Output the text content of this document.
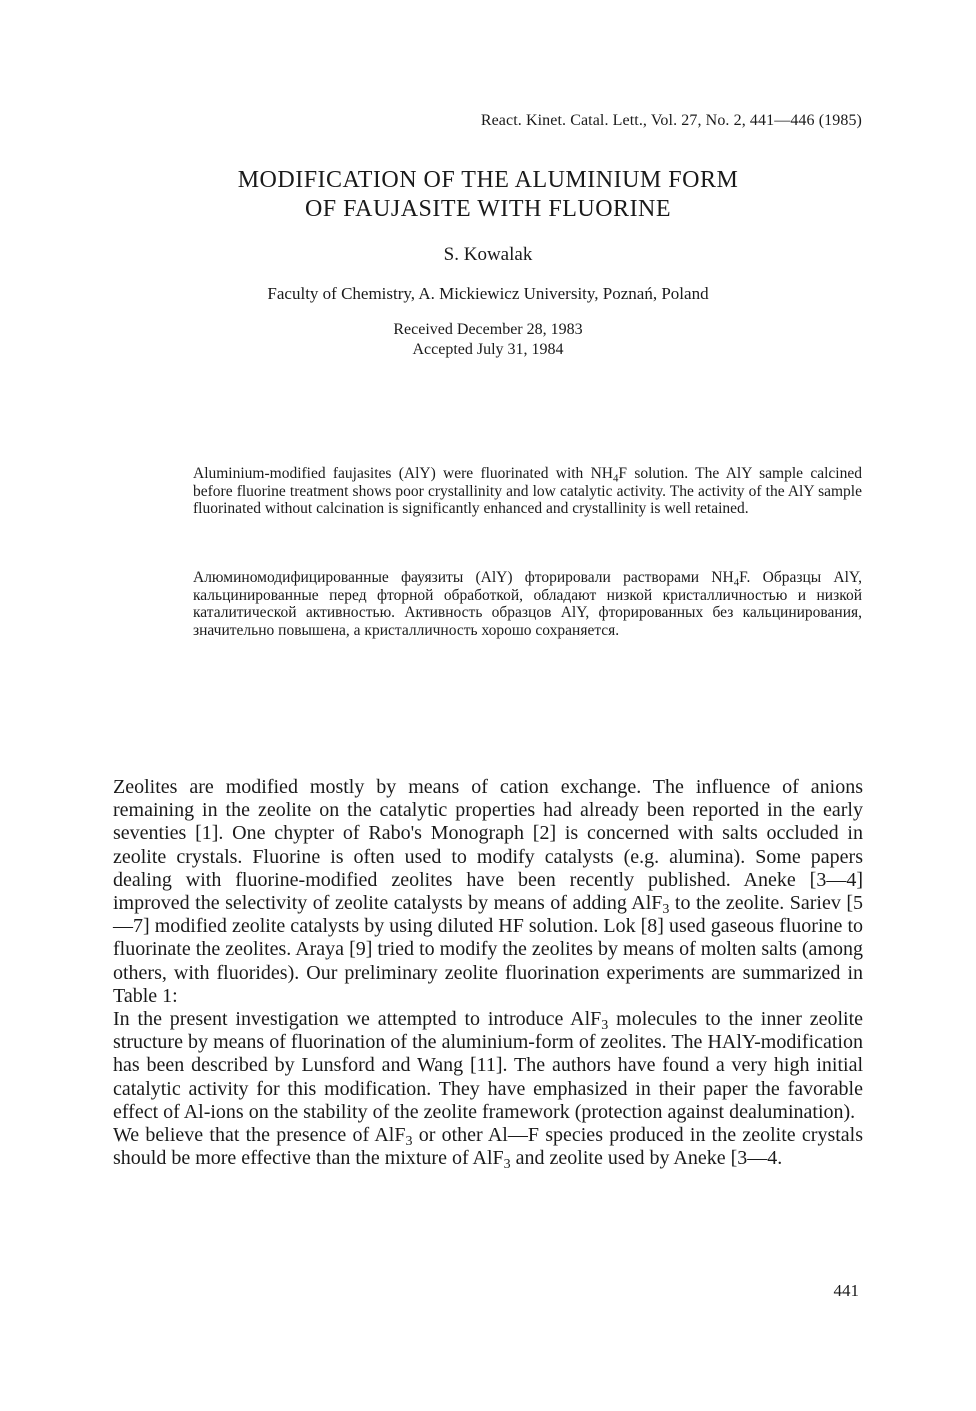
React. Kinet. Catal. Lett., Vol. 27, No. 2, 441—446 (1985)
MODIFICATION OF THE ALUMINIUM FORM
OF FAUJASITE WITH FLUORINE
S. Kowalak
Faculty of Chemistry, A. Mickiewicz University, Poznań, Poland
Received December 28, 1983
Accepted July 31, 1984
Aluminium-modified faujasites (AlY) were fluorinated with $NH_4F$ solution. The AlY sample calcined before fluorine treatment shows poor crystallinity and low catalytic activity. The activity of the AlY sample fluorinated without calcination is significantly enhanced and crystallinity is well retained.
Алюминомодифицированные фауязиты (AlY) фторировали растворами $NH_4F$. Образцы AlY, кальцинированные перед фторной обработкой, обладают низкой кристалличностью и низкой каталитической активностью. Активность образцов AlY, фторированных без кальцинирования, значительно повышена, а кристалличность хорошо сохраняется.

Zeolites are modified mostly by means of cation exchange. The influence of anions remaining in the zeolite on the catalytic properties had already been reported in the early seventies [1]. One chypter of Rabo's Monograph [2] is concerned with salts occluded in zeolite crystals. Fluorine is often used to modify catalysts (e.g. alumina). Some papers dealing with fluorine-modified zeolites have been recently published. Aneke [3—4] improved the selectivity of zeolite catalysts by means of adding AlF$_3$ to the zeolite. Sariev [5—7] modified zeolite catalysts by using diluted HF solution. Lok [8] used gaseous fluorine to fluorinate the zeolites. Araya [9] tried to modify the zeolites by means of molten salts (among others, with fluorides). Our preliminary zeolite fluorination experiments are summarized in Table 1:

In the present investigation we attempted to introduce AlF$_3$ molecules to the inner zeolite structure by means of fluorination of the aluminium-form of zeolites. The HAlY-modification has been described by Lunsford and Wang [11]. The authors have found a very high initial catalytic activity for this modification. They have emphasized in their paper the favorable effect of Al-ions on the stability of the zeolite framework (protection against dealumination).

We believe that the presence of AlF$_3$ or other Al—F species produced in the zeolite crystals should be more effective than the mixture of AlF$_3$ and zeolite used by Aneke [3—4.

441
